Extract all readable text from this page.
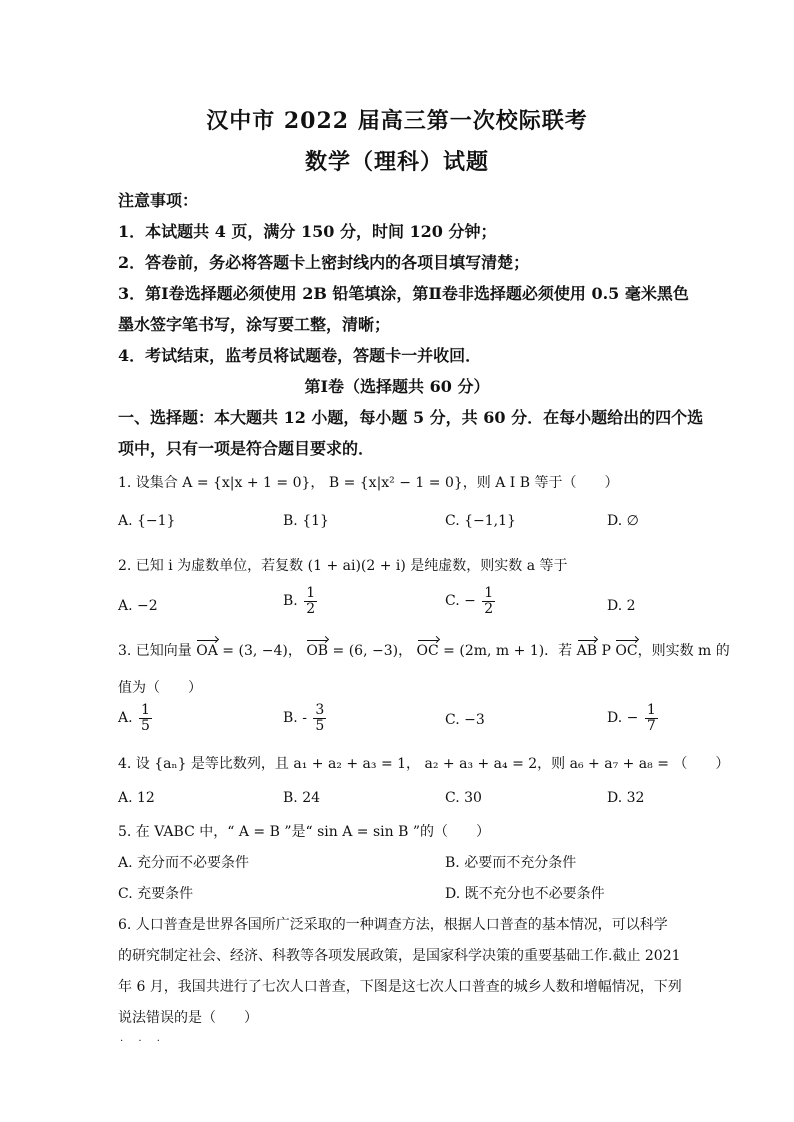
汉中市 2022 届高三第一次校际联考
数学（理科）试题
注意事项：
1．本试题共 4 页，满分 150 分，时间 120 分钟；
2．答卷前，务必将答题卡上密封线内的各项目填写清楚；
3．第Ⅰ卷选择题必须使用 2B 铅笔填涂，第Ⅱ卷非选择题必须使用 0.5 毫米黑色
墨水签字笔书写，涂写要工整，清晰；
4．考试结束，监考员将试题卷，答题卡一并收回．
第Ⅰ卷（选择题共 60 分）
一、选择题：本大题共 12 小题，每小题 5 分，共 60 分．在每小题给出的四个选
项中，只有一项是符合题目要求的．
1. 设集合 A = {x|x + 1 = 0}， B = {x|x² − 1 = 0}，则 A I B 等于（　　）
A. {−1}	B. {1}	C. {−1,1}	D. ∅
2. 已知 i 为虚数单位，若复数 (1 + ai)(2 + i) 是纯虚数，则实数 a 等于
A. −2	B. $\frac{1}{2}$	C. − $\frac{1}{2}$	D. 2
3. 已知向量 OA = (3, −4)， OB = (6, −3)， OC = (2m, m + 1)．若 AB P OC，则实数 m 的
值为（　　）
A. $\frac{1}{5}$	B. - $\frac{3}{5}$	C. −3	D. − $\frac{1}{7}$
4. 设 {aₙ} 是等比数列，且 a₁ + a₂ + a₃ = 1， a₂ + a₃ + a₄ = 2，则 a₆ + a₇ + a₈ = （　　）
A. 12	B. 24	C. 30	D. 32
5. 在 VABC 中，“ A = B ”是“ sin A = sin B ”的（　　）
A. 充分而不必要条件	B. 必要而不充分条件
C. 充要条件	D. 既不充分也不必要条件
6. 人口普查是世界各国所广泛采取的一种调查方法，根据人口普查的基本情况，可以科学
的研究制定社会、经济、科教等各项发展政策，是国家科学决策的重要基础工作.截止 2021
年 6 月，我国共进行了七次人口普查，下图是这七次人口普查的城乡人数和增幅情况，下列
说法错误的是（　　）
· · ·
